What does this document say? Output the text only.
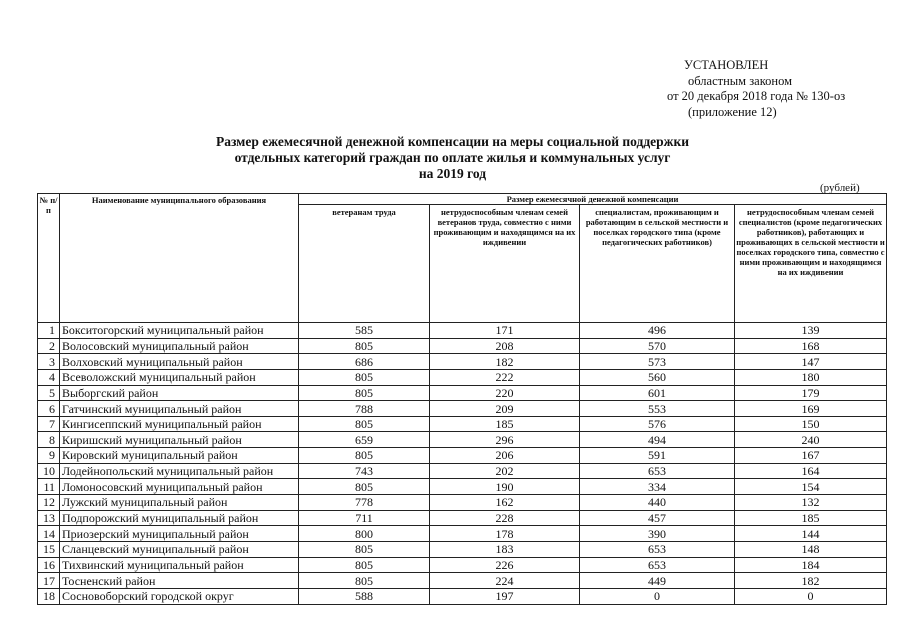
УСТАНОВЛЕН
областным законом
от 20 декабря 2018 года № 130-оз
(приложение 12)
Размер ежемесячной денежной компенсации на меры социальной поддержки
отдельных категорий граждан по оплате жилья и коммунальных услуг
на 2019 год
(рублей)
№ п/п	Наименование муниципального образования	Размер ежемесячной денежной компенсации			
		ветеранам труда	нетрудоспособным членам семей ветеранов труда, совместно с ними проживающим и находящимся на их иждивении	специалистам, проживающим и работающим в сельской местности и поселках городского типа (кроме педагогических работников)	нетрудоспособным членам семей специалистов (кроме педагогических работников), работающих и проживающих в сельской местности и поселках городского типа, совместно с ними проживающим и находящимся на их иждивении
1	Бокситогорский муниципальный район	585	171	496	139
2	Волосовский муниципальный район	805	208	570	168
3	Волховский муниципальный район	686	182	573	147
4	Всеволожский муниципальный район	805	222	560	180
5	Выборгский район	805	220	601	179
6	Гатчинский муниципальный район	788	209	553	169
7	Кингисеппский муниципальный район	805	185	576	150
8	Киришский муниципальный район	659	296	494	240
9	Кировский муниципальный район	805	206	591	167
10	Лодейнопольский муниципальный район	743	202	653	164
11	Ломоносовский муниципальный район	805	190	334	154
12	Лужский муниципальный район	778	162	440	132
13	Подпорожский муниципальный район	711	228	457	185
14	Приозерский муниципальный район	800	178	390	144
15	Сланцевский муниципальный район	805	183	653	148
16	Тихвинский муниципальный район	805	226	653	184
17	Тосненский район	805	224	449	182
18	Сосновоборский городской округ	588	197	0	0
